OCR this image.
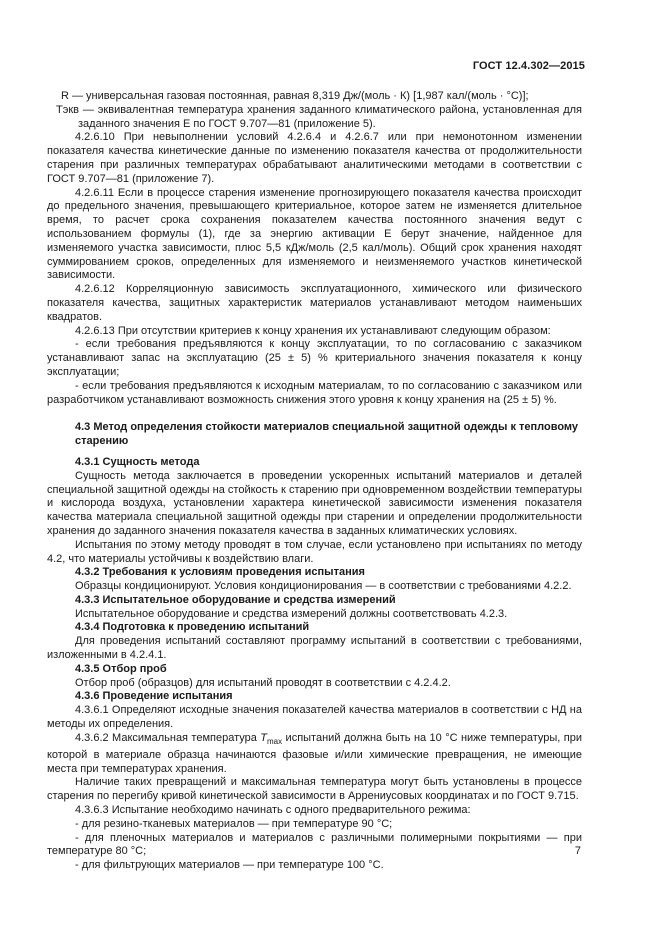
ГОСТ 12.4.302—2015

R — универсальная газовая постоянная, равная 8,319 Дж/(моль · К) [1,987 кал/(моль · °С)];

Tэкв — эквивалентная температура хранения заданного климатического района, установленная для заданного значения E по ГОСТ 9.707—81 (приложение 5).

4.2.6.10 При невыполнении условий 4.2.6.4 и 4.2.6.7 или при немонотонном изменении показателя качества кинетические данные по изменению показателя качества от продолжительности старения при различных температурах обрабатывают аналитическими методами в соответствии с ГОСТ 9.707—81 (приложение 7).

4.2.6.11 Если в процессе старения изменение прогнозирующего показателя качества происходит до предельного значения, превышающего критериальное, которое затем не изменяется длительное время, то расчет срока сохранения показателем качества постоянного значения ведут с использованием формулы (1), где за энергию активации E берут значение, найденное для изменяемого участка зависимости, плюс 5,5 кДж/моль (2,5 кал/моль). Общий срок хранения находят суммированием сроков, определенных для изменяемого и неизменяемого участков кинетической зависимости.

4.2.6.12 Корреляционную зависимость эксплуатационного, химического или физического показателя качества, защитных характеристик материалов устанавливают методом наименьших квадратов.

4.2.6.13 При отсутствии критериев к концу хранения их устанавливают следующим образом:

- если требования предъявляются к концу эксплуатации, то по согласованию с заказчиком устанавливают запас на эксплуатацию (25 ± 5) % критериального значения показателя к концу эксплуатации;

- если требования предъявляются к исходным материалам, то по согласованию с заказчиком или разработчиком устанавливают возможность снижения этого уровня к концу хранения на (25 ± 5) %.

4.3 Метод определения стойкости материалов специальной защитной одежды к тепловому старению

4.3.1 Сущность метода

Сущность метода заключается в проведении ускоренных испытаний материалов и деталей специальной защитной одежды на стойкость к старению при одновременном воздействии температуры и кислорода воздуха, установлении характера кинетической зависимости изменения показателя качества материала специальной защитной одежды при старении и определении продолжительности хранения до заданного значения показателя качества в заданных климатических условиях.

Испытания по этому методу проводят в том случае, если установлено при испытаниях по методу 4.2, что материалы устойчивы к воздействию влаги.

4.3.2 Требования к условиям проведения испытания

Образцы кондиционируют. Условия кондиционирования — в соответствии с требованиями 4.2.2.

4.3.3 Испытательное оборудование и средства измерений

Испытательное оборудование и средства измерений должны соответствовать 4.2.3.

4.3.4 Подготовка к проведению испытаний

Для проведения испытаний составляют программу испытаний в соответствии с требованиями, изложенными в 4.2.4.1.

4.3.5 Отбор проб

Отбор проб (образцов) для испытаний проводят в соответствии с 4.2.4.2.

4.3.6 Проведение испытания

4.3.6.1 Определяют исходные значения показателей качества материалов в соответствии с НД на методы их определения.

4.3.6.2 Максимальная температура $T_{max}$ испытаний должна быть на 10 °С ниже температуры, при которой в материале образца начинаются фазовые и/или химические превращения, не имеющие места при температурах хранения.

Наличие таких превращений и максимальная температура могут быть установлены в процессе старения по перегибу кривой кинетической зависимости в Аррениусовых координатах и по ГОСТ 9.715.

4.3.6.3 Испытание необходимо начинать с одного предварительного режима:

- для резино-тканевых материалов — при температуре 90 °С;

- для пленочных материалов и материалов с различными полимерными покрытиями — при температуре 80 °С;

- для фильтрующих материалов — при температуре 100 °С.

7
